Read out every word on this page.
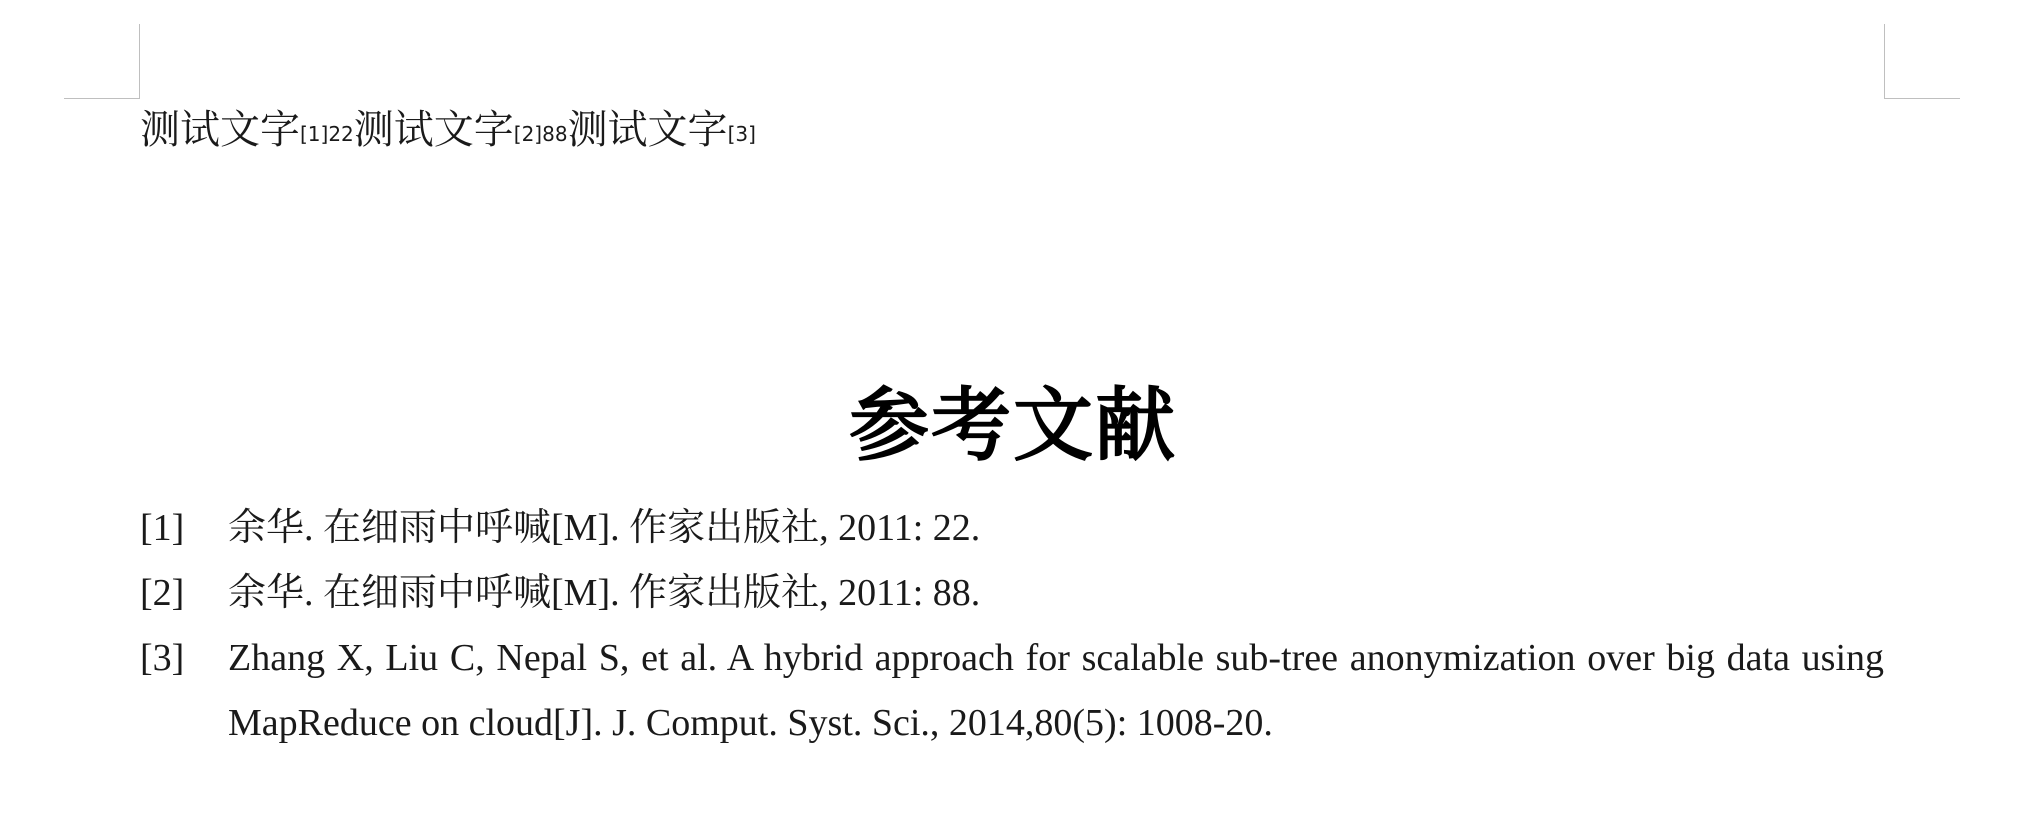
测试文字$^{[1]22}$测试文字$^{[2]88}$测试文字[3]
参考文献
[1]	余华. 在细雨中呼喊[M]. 作家出版社, 2011: 22.
[2]	余华. 在细雨中呼喊[M]. 作家出版社, 2011: 88.
[3]	Zhang X, Liu C, Nepal S, et al. A hybrid approach for scalable sub-tree anonymization over big data using MapReduce on cloud[J]. J. Comput. Syst. Sci., 2014,80(5): 1008-20.
